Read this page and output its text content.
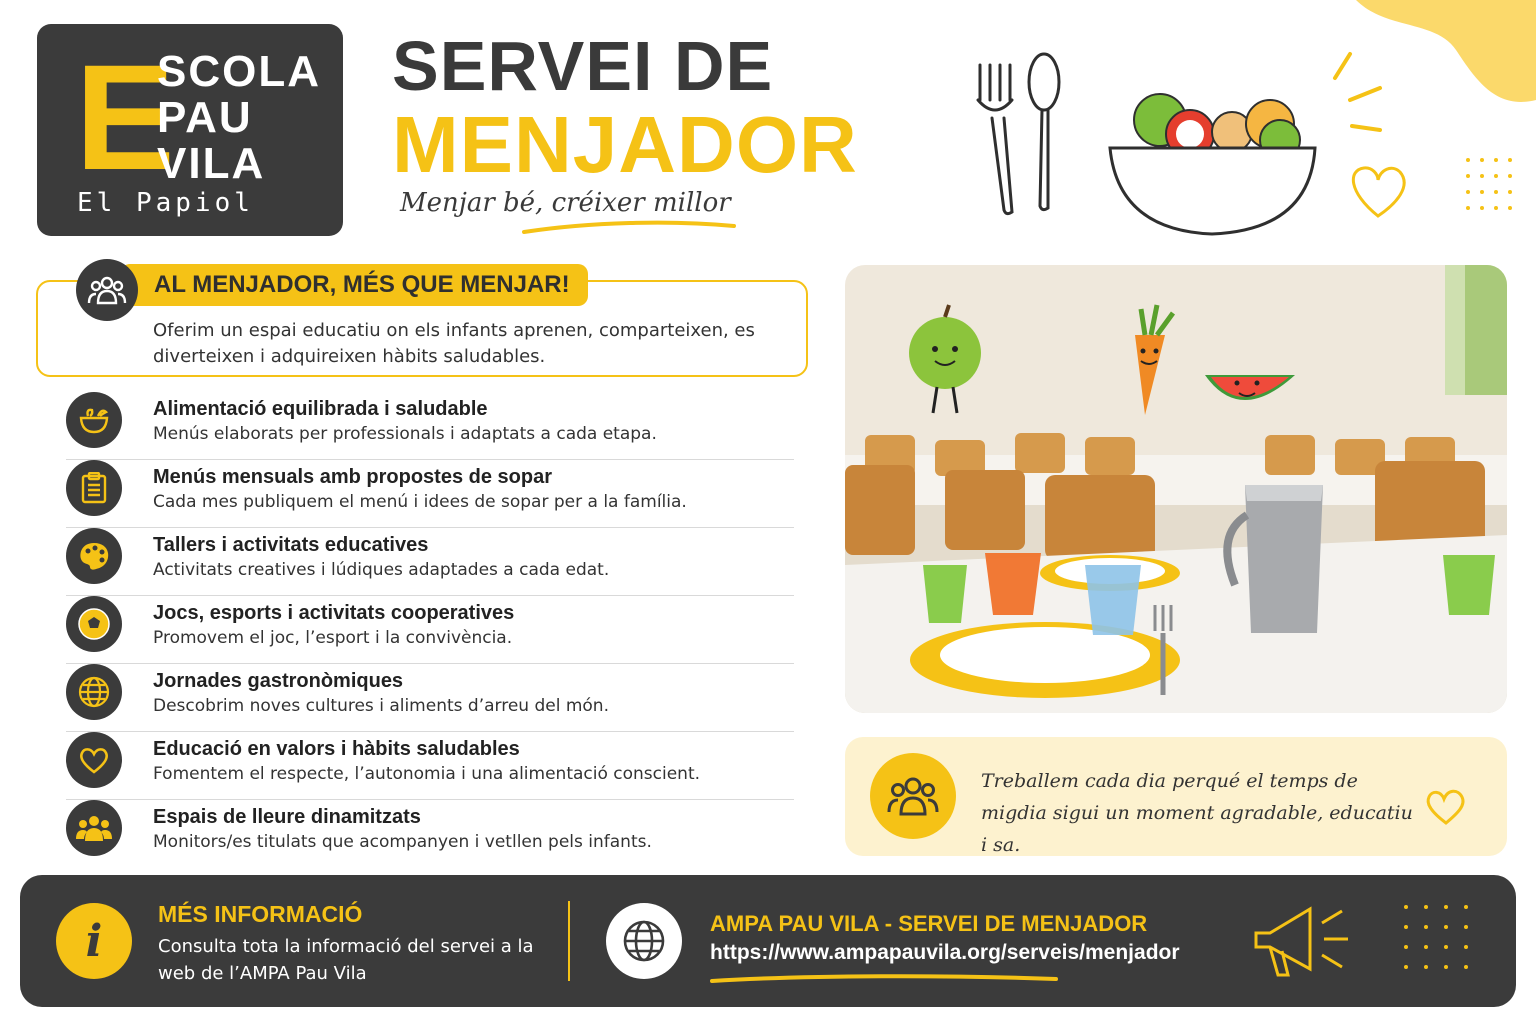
E
SCOLA
PAU
VILA
El Papiol
SERVEI DE
MENJADOR
Menjar bé, créixer millor
AL MENJADOR, MÉS QUE MENJAR!
Oferim un espai educatiu on els infants aprenen, comparteixen, es diverteixen i adquireixen hàbits saludables.
Alimentació equilibrada i saludable
Menús elaborats per professionals i adaptats a cada etapa.
Menús mensuals amb propostes de sopar
Cada mes publiquem el menú i idees de sopar per a la família.
Tallers i activitats educatives
Activitats creatives i lúdiques adaptades a cada edat.
Jocs, esports i activitats cooperatives
Promovem el joc, l’esport i la convivència.
Jornades gastronòmiques
Descobrim noves cultures i aliments d’arreu del món.
Educació en valors i hàbits saludables
Fomentem el respecte, l’autonomia i una alimentació conscient.
Espais de lleure dinamitzats
Monitors/es titulats que acompanyen i vetllen pels infants.
Treballem cada dia perqué el temps de migdia sigui un moment agradable, educatiu i sa.
i
MÉS INFORMACIÓ
Consulta tota la informació del servei a la web de l’AMPA Pau Vila
AMPA PAU VILA - SERVEI DE MENJADOR
https://www.ampapauvila.org/serveis/menjador
